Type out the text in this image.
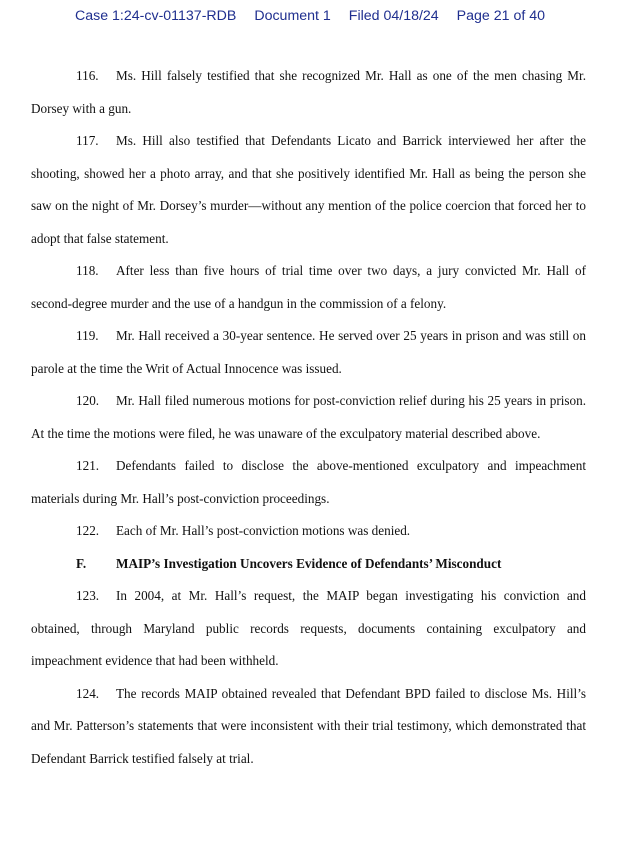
Case 1:24-cv-01137-RDB Document 1 Filed 04/18/24 Page 21 of 40

116. Ms. Hill falsely testified that she recognized Mr. Hall as one of the men chasing Mr. Dorsey with a gun.

117. Ms. Hill also testified that Defendants Licato and Barrick interviewed her after the shooting, showed her a photo array, and that she positively identified Mr. Hall as being the person she saw on the night of Mr. Dorsey’s murder—without any mention of the police coercion that forced her to adopt that false statement.

118. After less than five hours of trial time over two days, a jury convicted Mr. Hall of second-degree murder and the use of a handgun in the commission of a felony.

119. Mr. Hall received a 30-year sentence. He served over 25 years in prison and was still on parole at the time the Writ of Actual Innocence was issued.

120. Mr. Hall filed numerous motions for post-conviction relief during his 25 years in prison. At the time the motions were filed, he was unaware of the exculpatory material described above.

121. Defendants failed to disclose the above-mentioned exculpatory and impeachment materials during Mr. Hall’s post-conviction proceedings.

122. Each of Mr. Hall’s post-conviction motions was denied.

F. MAIP’s Investigation Uncovers Evidence of Defendants’ Misconduct

123. In 2004, at Mr. Hall’s request, the MAIP began investigating his conviction and obtained, through Maryland public records requests, documents containing exculpatory and impeachment evidence that had been withheld.

124. The records MAIP obtained revealed that Defendant BPD failed to disclose Ms. Hill’s and Mr. Patterson’s statements that were inconsistent with their trial testimony, which demonstrated that Defendant Barrick testified falsely at trial.
